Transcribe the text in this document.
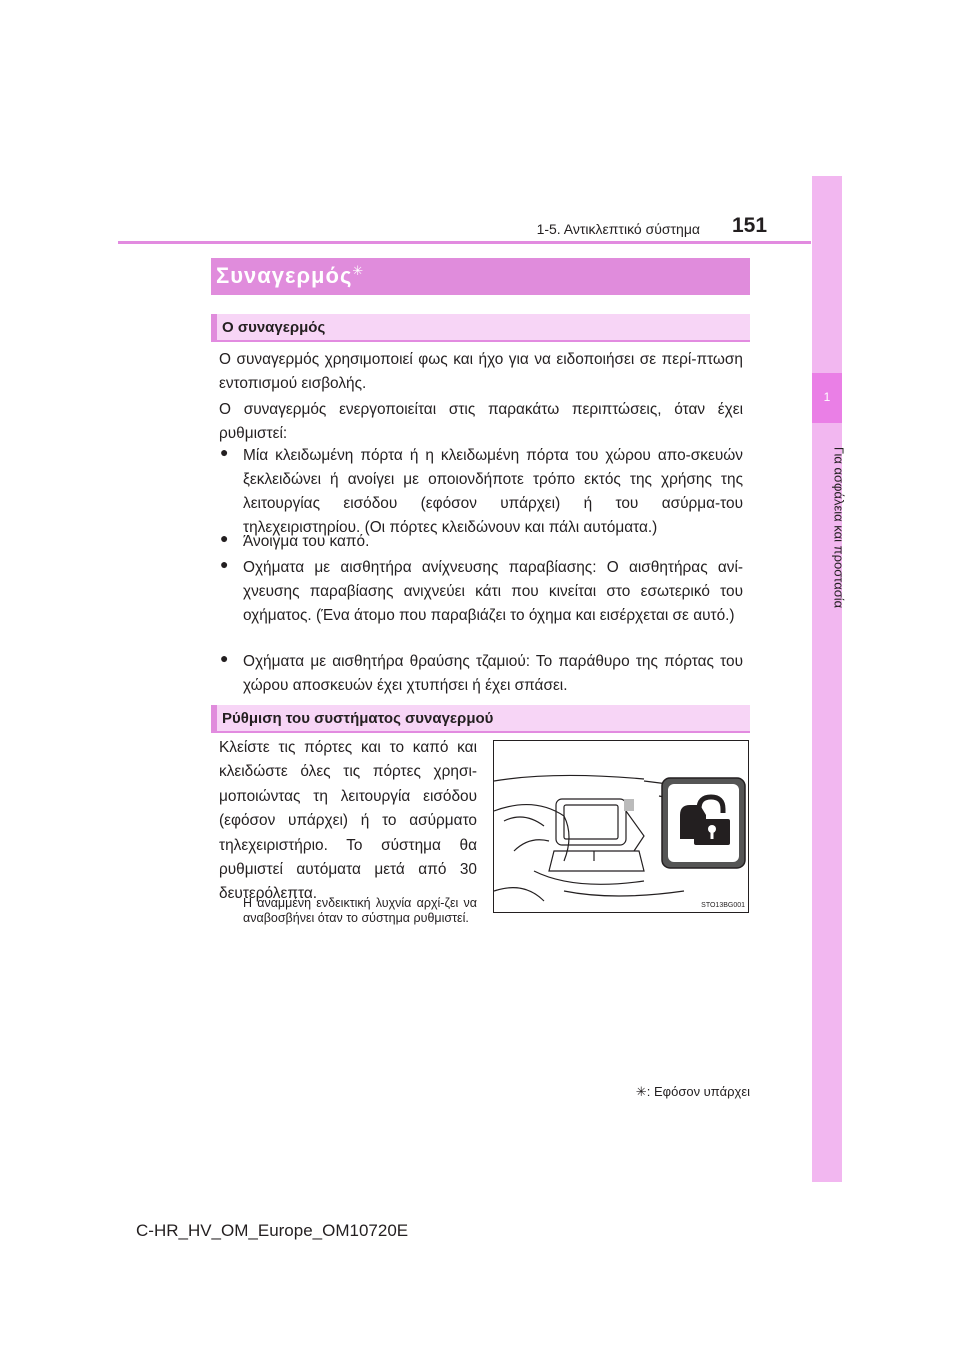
1
Για ασφάλεια και προστασία
1-5. Αντικλεπτικό σύστημα 151
Συναγερμός✳
Ο συναγερμός

Ο συναγερμός χρησιμοποιεί φως και ήχο για να ειδοποιήσει σε περί-πτωση εντοπισμού εισβολής.

Ο συναγερμός ενεργοποιείται στις παρακάτω περιπτώσεις, όταν έχει ρυθμιστεί:

● Μία κλειδωμένη πόρτα ή η κλειδωμένη πόρτα του χώρου απο-σκευών ξεκλειδώνει ή ανοίγει με οποιονδήποτε τρόπο εκτός της χρήσης της λειτουργίας εισόδου (εφόσον υπάρχει) ή του ασύρμα-του τηλεχειριστηρίου. (Οι πόρτες κλειδώνουν και πάλι αυτόματα.)

● Άνοιγμα του καπό.

● Οχήματα με αισθητήρα ανίχνευσης παραβίασης: Ο αισθητήρας ανί-χνευσης παραβίασης ανιχνεύει κάτι που κινείται στο εσωτερικό του οχήματος. (Ένα άτομο που παραβιάζει το όχημα και εισέρχεται σε αυτό.)

● Οχήματα με αισθητήρα θραύσης τζαμιού: Το παράθυρο της πόρτας του χώρου αποσκευών έχει χτυπήσει ή έχει σπάσει.

Ρύθμιση του συστήματος συναγερμού

Κλείστε τις πόρτες και το καπό και κλειδώστε όλες τις πόρτες χρησι-μοποιώντας τη λειτουργία εισόδου (εφόσον υπάρχει) ή το ασύρματο τηλεχειριστήριο. Το σύστημα θα ρυθμιστεί αυτόματα μετά από 30 δευτερόλεπτα.

Η αναμμένη ενδεικτική λυχνία αρχί-ζει να αναβοσβήνει όταν το σύστημα ρυθμιστεί.

STO13BG001
✳: Εφόσον υπάρχει
C-HR_HV_OM_Europe_OM10720E
